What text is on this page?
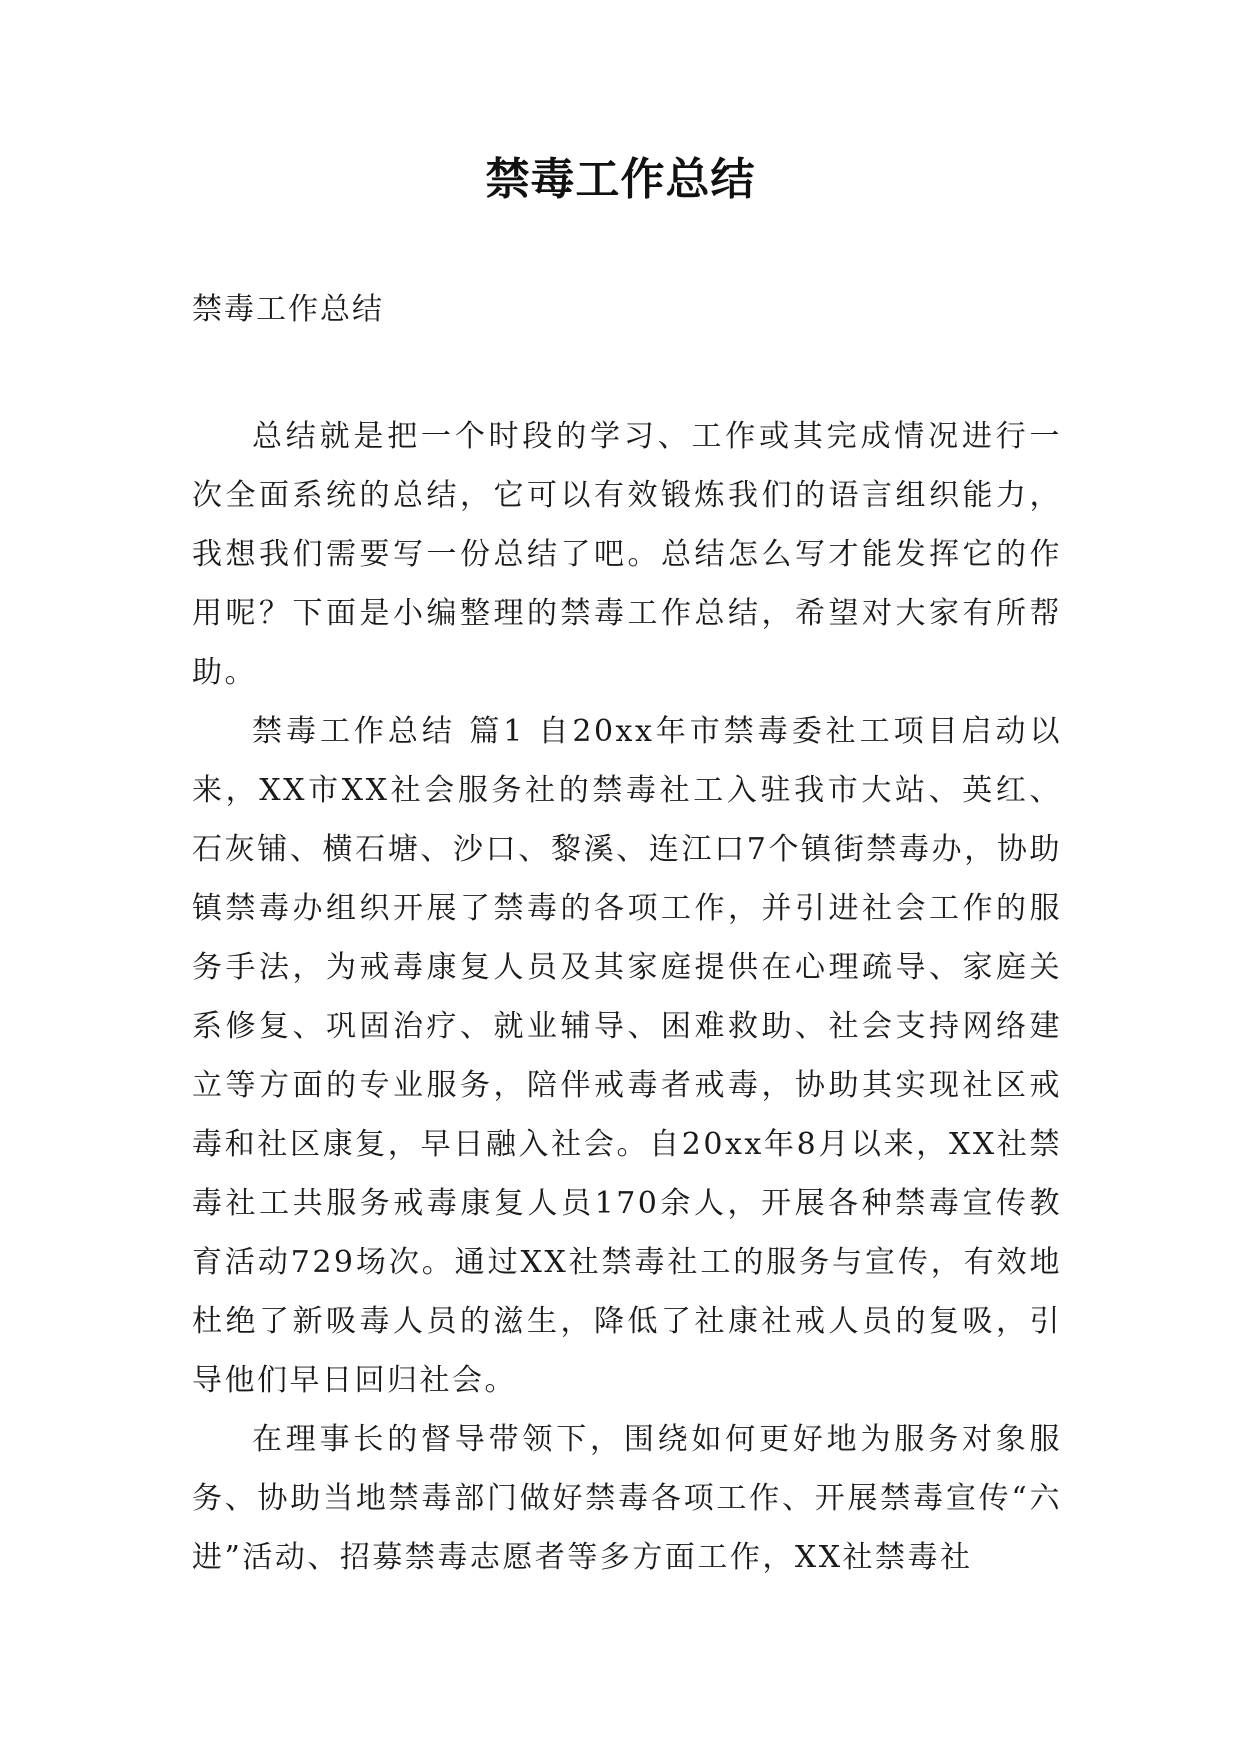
禁毒工作总结
禁毒工作总结

总结就是把一个时段的学习、工作或其完成情况进行一次全面系统的总结，它可以有效锻炼我们的语言组织能力，我想我们需要写一份总结了吧。总结怎么写才能发挥它的作用呢？下面是小编整理的禁毒工作总结，希望对大家有所帮助。

禁毒工作总结 篇1 自20xx年市禁毒委社工项目启动以来，XX市XX社会服务社的禁毒社工入驻我市大站、英红、石灰铺、横石塘、沙口、黎溪、连江口7个镇街禁毒办，协助镇禁毒办组织开展了禁毒的各项工作，并引进社会工作的服务手法，为戒毒康复人员及其家庭提供在心理疏导、家庭关系修复、巩固治疗、就业辅导、困难救助、社会支持网络建立等方面的专业服务，陪伴戒毒者戒毒，协助其实现社区戒毒和社区康复，早日融入社会。自20xx年8月以来，XX社禁毒社工共服务戒毒康复人员170余人，开展各种禁毒宣传教育活动729场次。通过XX社禁毒社工的服务与宣传，有效地杜绝了新吸毒人员的滋生，降低了社康社戒人员的复吸，引导他们早日回归社会。

在理事长的督导带领下，围绕如何更好地为服务对象服务、协助当地禁毒部门做好禁毒各项工作、开展禁毒宣传“六进”活动、招募禁毒志愿者等多方面工作，XX社禁毒社
